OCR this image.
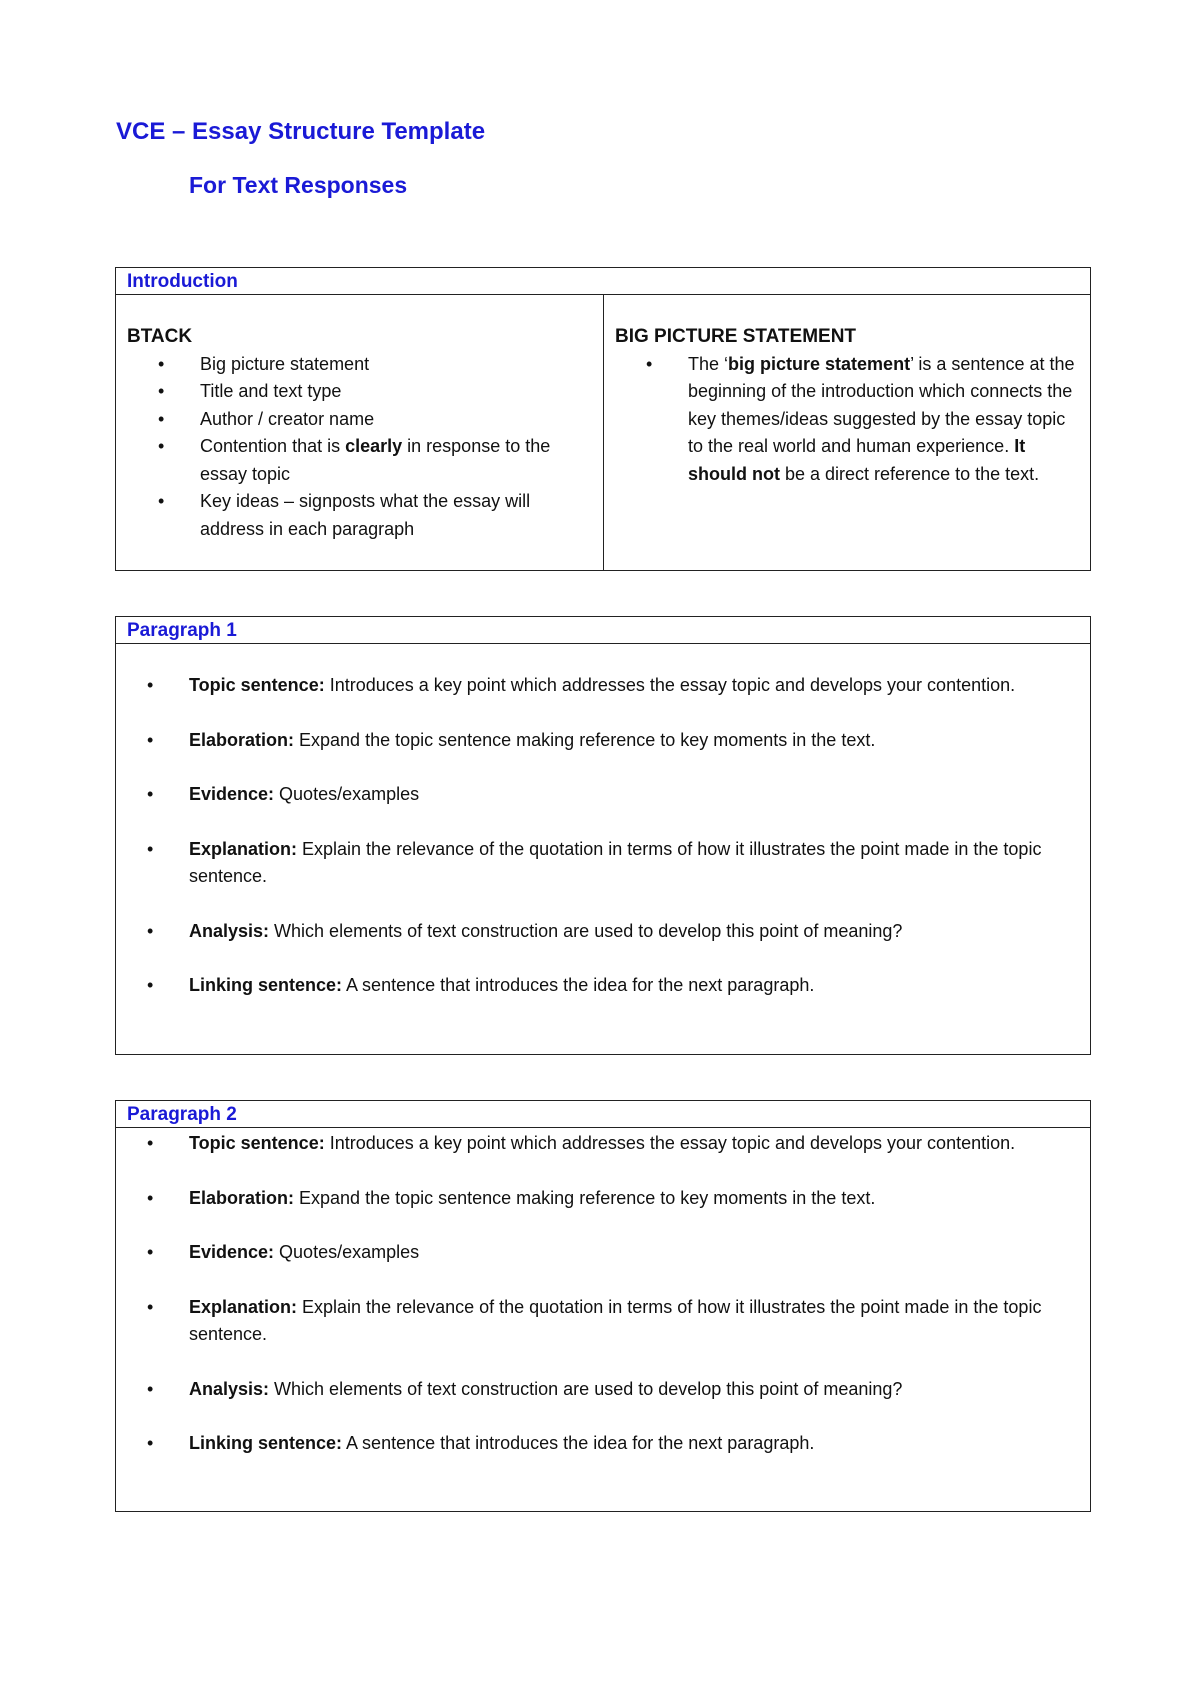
VCE – Essay Structure Template
For Text Responses
Introduction
BTACK
• Big picture statement
• Title and text type
• Author / creator name
• Contention that is clearly in response to the essay topic
• Key ideas – signposts what the essay will address in each paragraph
BIG PICTURE STATEMENT
• The ‘big picture statement’ is a sentence at the beginning of the introduction which connects the key themes/ideas suggested by the essay topic to the real world and human experience. It should not be a direct reference to the text.
Paragraph 1
• Topic sentence: Introduces a key point which addresses the essay topic and develops your contention.
• Elaboration: Expand the topic sentence making reference to key moments in the text.
• Evidence: Quotes/examples
• Explanation: Explain the relevance of the quotation in terms of how it illustrates the point made in the topic sentence.
• Analysis: Which elements of text construction are used to develop this point of meaning?
• Linking sentence: A sentence that introduces the idea for the next paragraph.
Paragraph 2
• Topic sentence: Introduces a key point which addresses the essay topic and develops your contention.
• Elaboration: Expand the topic sentence making reference to key moments in the text.
• Evidence: Quotes/examples
• Explanation: Explain the relevance of the quotation in terms of how it illustrates the point made in the topic sentence.
• Analysis: Which elements of text construction are used to develop this point of meaning?
• Linking sentence: A sentence that introduces the idea for the next paragraph.
